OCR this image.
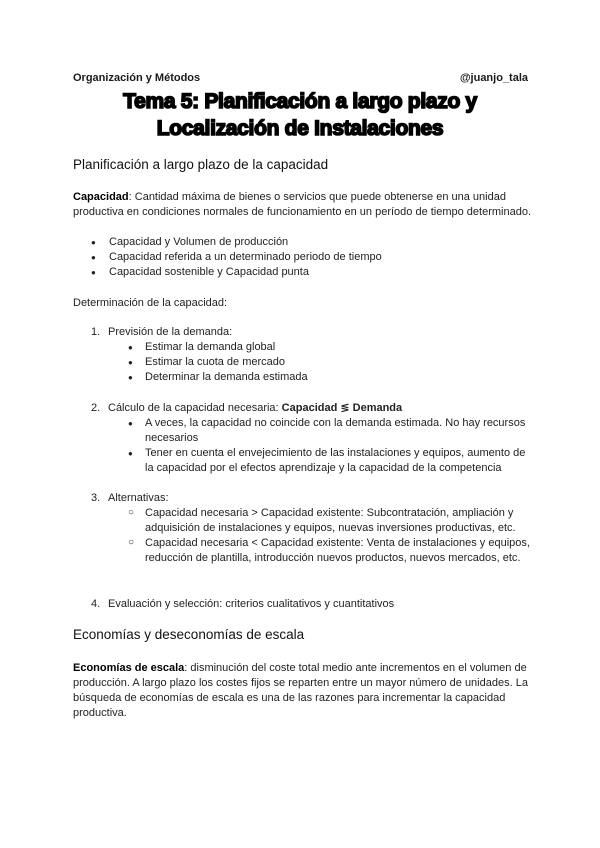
Organización y Métodos	@juanjo_tala
Tema 5: Planificación a largo plazo y Localización de Instalaciones
Planificación a largo plazo de la capacidad
Capacidad: Cantidad máxima de bienes o servicios que puede obtenerse en una unidad productiva en condiciones normales de funcionamiento en un período de tiempo determinado.
● Capacidad y Volumen de producción
● Capacidad referida a un determinado periodo de tiempo
● Capacidad sostenible y Capacidad punta
Determinación de la capacidad:
1. Previsión de la demanda:
● Estimar la demanda global
● Estimar la cuota de mercado
● Determinar la demanda estimada
2. Cálculo de la capacidad necesaria: Capacidad ≶ Demanda
● A veces, la capacidad no coincide con la demanda estimada. No hay recursos necesarios
● Tener en cuenta el envejecimiento de las instalaciones y equipos, aumento de la capacidad por el efectos aprendizaje y la capacidad de la competencia
3. Alternativas:
○ Capacidad necesaria > Capacidad existente: Subcontratación, ampliación y adquisición de instalaciones y equipos, nuevas inversiones productivas, etc.
○ Capacidad necesaria < Capacidad existente: Venta de instalaciones y equipos, reducción de plantilla, introducción nuevos productos, nuevos mercados, etc.
4. Evaluación y selección: criterios cualitativos y cuantitativos
Economías y deseconomías de escala
Economías de escala: disminución del coste total medio ante incrementos en el volumen de producción. A largo plazo los costes fijos se reparten entre un mayor número de unidades. La búsqueda de economías de escala es una de las razones para incrementar la capacidad productiva.
